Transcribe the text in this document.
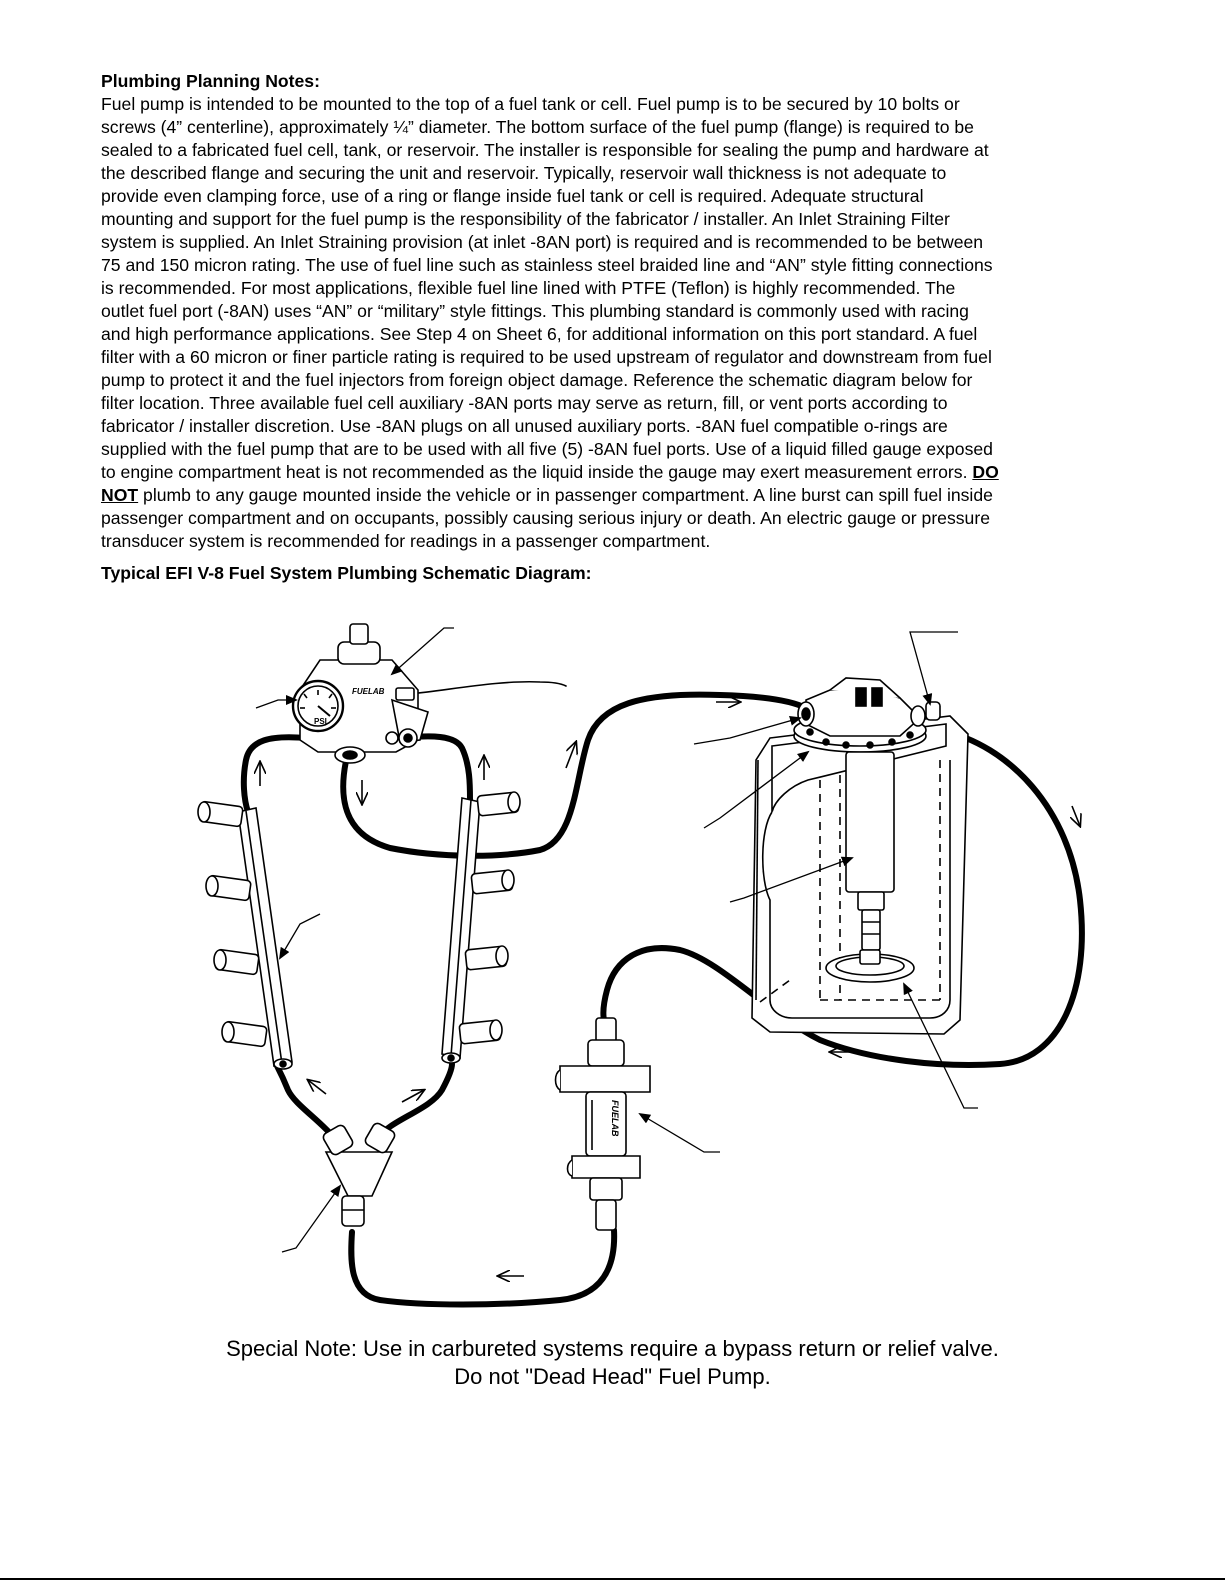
Plumbing Planning Notes:

Fuel pump is intended to be mounted to the top of a fuel tank or cell. Fuel pump is to be secured by 10 bolts or

screws (4” centerline), approximately ¼” diameter. The bottom surface of the fuel pump (flange) is required to be

sealed to a fabricated fuel cell, tank, or reservoir. The installer is responsible for sealing the pump and hardware at

the described flange and securing the unit and reservoir. Typically, reservoir wall thickness is not adequate to

provide even clamping force, use of a ring or flange inside fuel tank or cell is required. Adequate structural

mounting and support for the fuel pump is the responsibility of the fabricator / installer. An Inlet Straining Filter

system is supplied. An Inlet Straining provision (at inlet -8AN port) is required and is recommended to be between

75 and 150 micron rating. The use of fuel line such as stainless steel braided line and “AN” style fitting connections

is recommended. For most applications, flexible fuel line lined with PTFE (Teflon) is highly recommended. The

outlet fuel port (-8AN) uses “AN” or “military” style fittings. This plumbing standard is commonly used with racing

and high performance applications. See Step 4 on Sheet 6, for additional information on this port standard. A fuel

filter with a 60 micron or finer particle rating is required to be used upstream of regulator and downstream from fuel

pump to protect it and the fuel injectors from foreign object damage. Reference the schematic diagram below for

filter location. Three available fuel cell auxiliary -8AN ports may serve as return, fill, or vent ports according to

fabricator / installer discretion. Use -8AN plugs on all unused auxiliary ports. -8AN fuel compatible o-rings are

supplied with the fuel pump that are to be used with all five (5) -8AN fuel ports. Use of a liquid filled gauge exposed

to engine compartment heat is not recommended as the liquid inside the gauge may exert measurement errors. DO

NOT plumb to any gauge mounted inside the vehicle or in passenger compartment. A line burst can spill fuel inside

passenger compartment and on occupants, possibly causing serious injury or death. An electric gauge or pressure

transducer system is recommended for readings in a passenger compartment.

Typical EFI V-8 Fuel System Plumbing Schematic Diagram:
PSI
FUELAB
FUELAB
Special Note: Use in carbureted systems require a bypass return or relief valve.
Do not "Dead Head" Fuel Pump.
